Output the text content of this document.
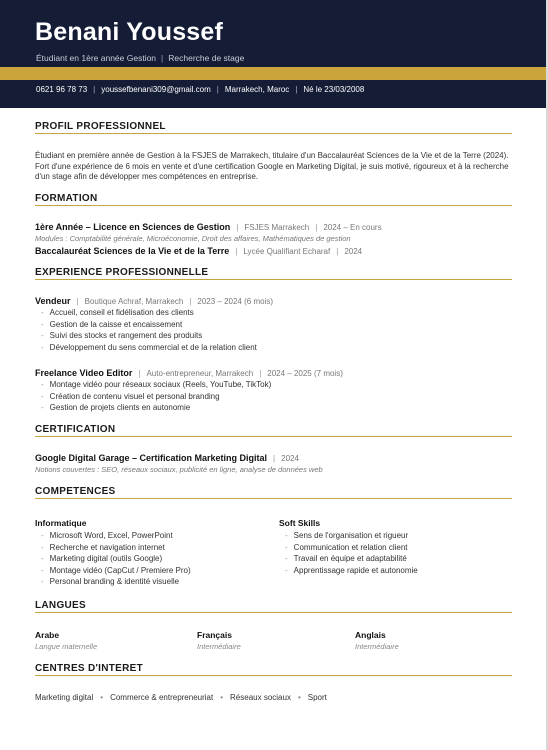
Benani Youssef
Étudiant en 1ère année Gestion | Recherche de stage
0621 96 78 73 | youssefbenani309@gmail.com | Marrakech, Maroc | Né le 23/03/2008
PROFIL PROFESSIONNEL
Étudiant en première année de Gestion à la FSJES de Marrakech, titulaire d'un Baccalauréat Sciences de la Vie et de la Terre (2024). Fort d'une expérience de 6 mois en vente et d'une certification Google en Marketing Digital, je suis motivé, rigoureux et à la recherche d'un stage afin de développer mes compétences en entreprise.
FORMATION
1ère Année – Licence en Sciences de Gestion | FSJES Marrakech | 2024 – En cours
Modules : Comptabilité générale, Microéconomie, Droit des affaires, Mathématiques de gestion
Baccalauréat Sciences de la Vie et de la Terre | Lycée Qualifiant Echaraf | 2024
EXPERIENCE PROFESSIONNELLE
Vendeur | Boutique Achraf, Marrakech | 2023 – 2024 (6 mois)
- Accueil, conseil et fidélisation des clients
- Gestion de la caisse et encaissement
- Suivi des stocks et rangement des produits
- Développement du sens commercial et de la relation client
Freelance Video Editor | Auto-entrepreneur, Marrakech | 2024 – 2025 (7 mois)
- Montage vidéo pour réseaux sociaux (Reels, YouTube, TikTok)
- Création de contenu visuel et personal branding
- Gestion de projets clients en autonomie
CERTIFICATION
Google Digital Garage – Certification Marketing Digital | 2024
Notions couvertes : SEO, réseaux sociaux, publicité en ligne, analyse de données web
COMPETENCES
Informatique
- Microsoft Word, Excel, PowerPoint
- Recherche et navigation internet
- Marketing digital (outils Google)
- Montage vidéo (CapCut / Premiere Pro)
- Personal branding & identité visuelle
Soft Skills
- Sens de l'organisation et rigueur
- Communication et relation client
- Travail en équipe et adaptabilité
- Apprentissage rapide et autonomie
LANGUES
Arabe
Langue maternelle
Français
Intermédiaire
Anglais
Intermédiaire
CENTRES D'INTERET
Marketing digital • Commerce & entrepreneuriat • Réseaux sociaux • Sport
